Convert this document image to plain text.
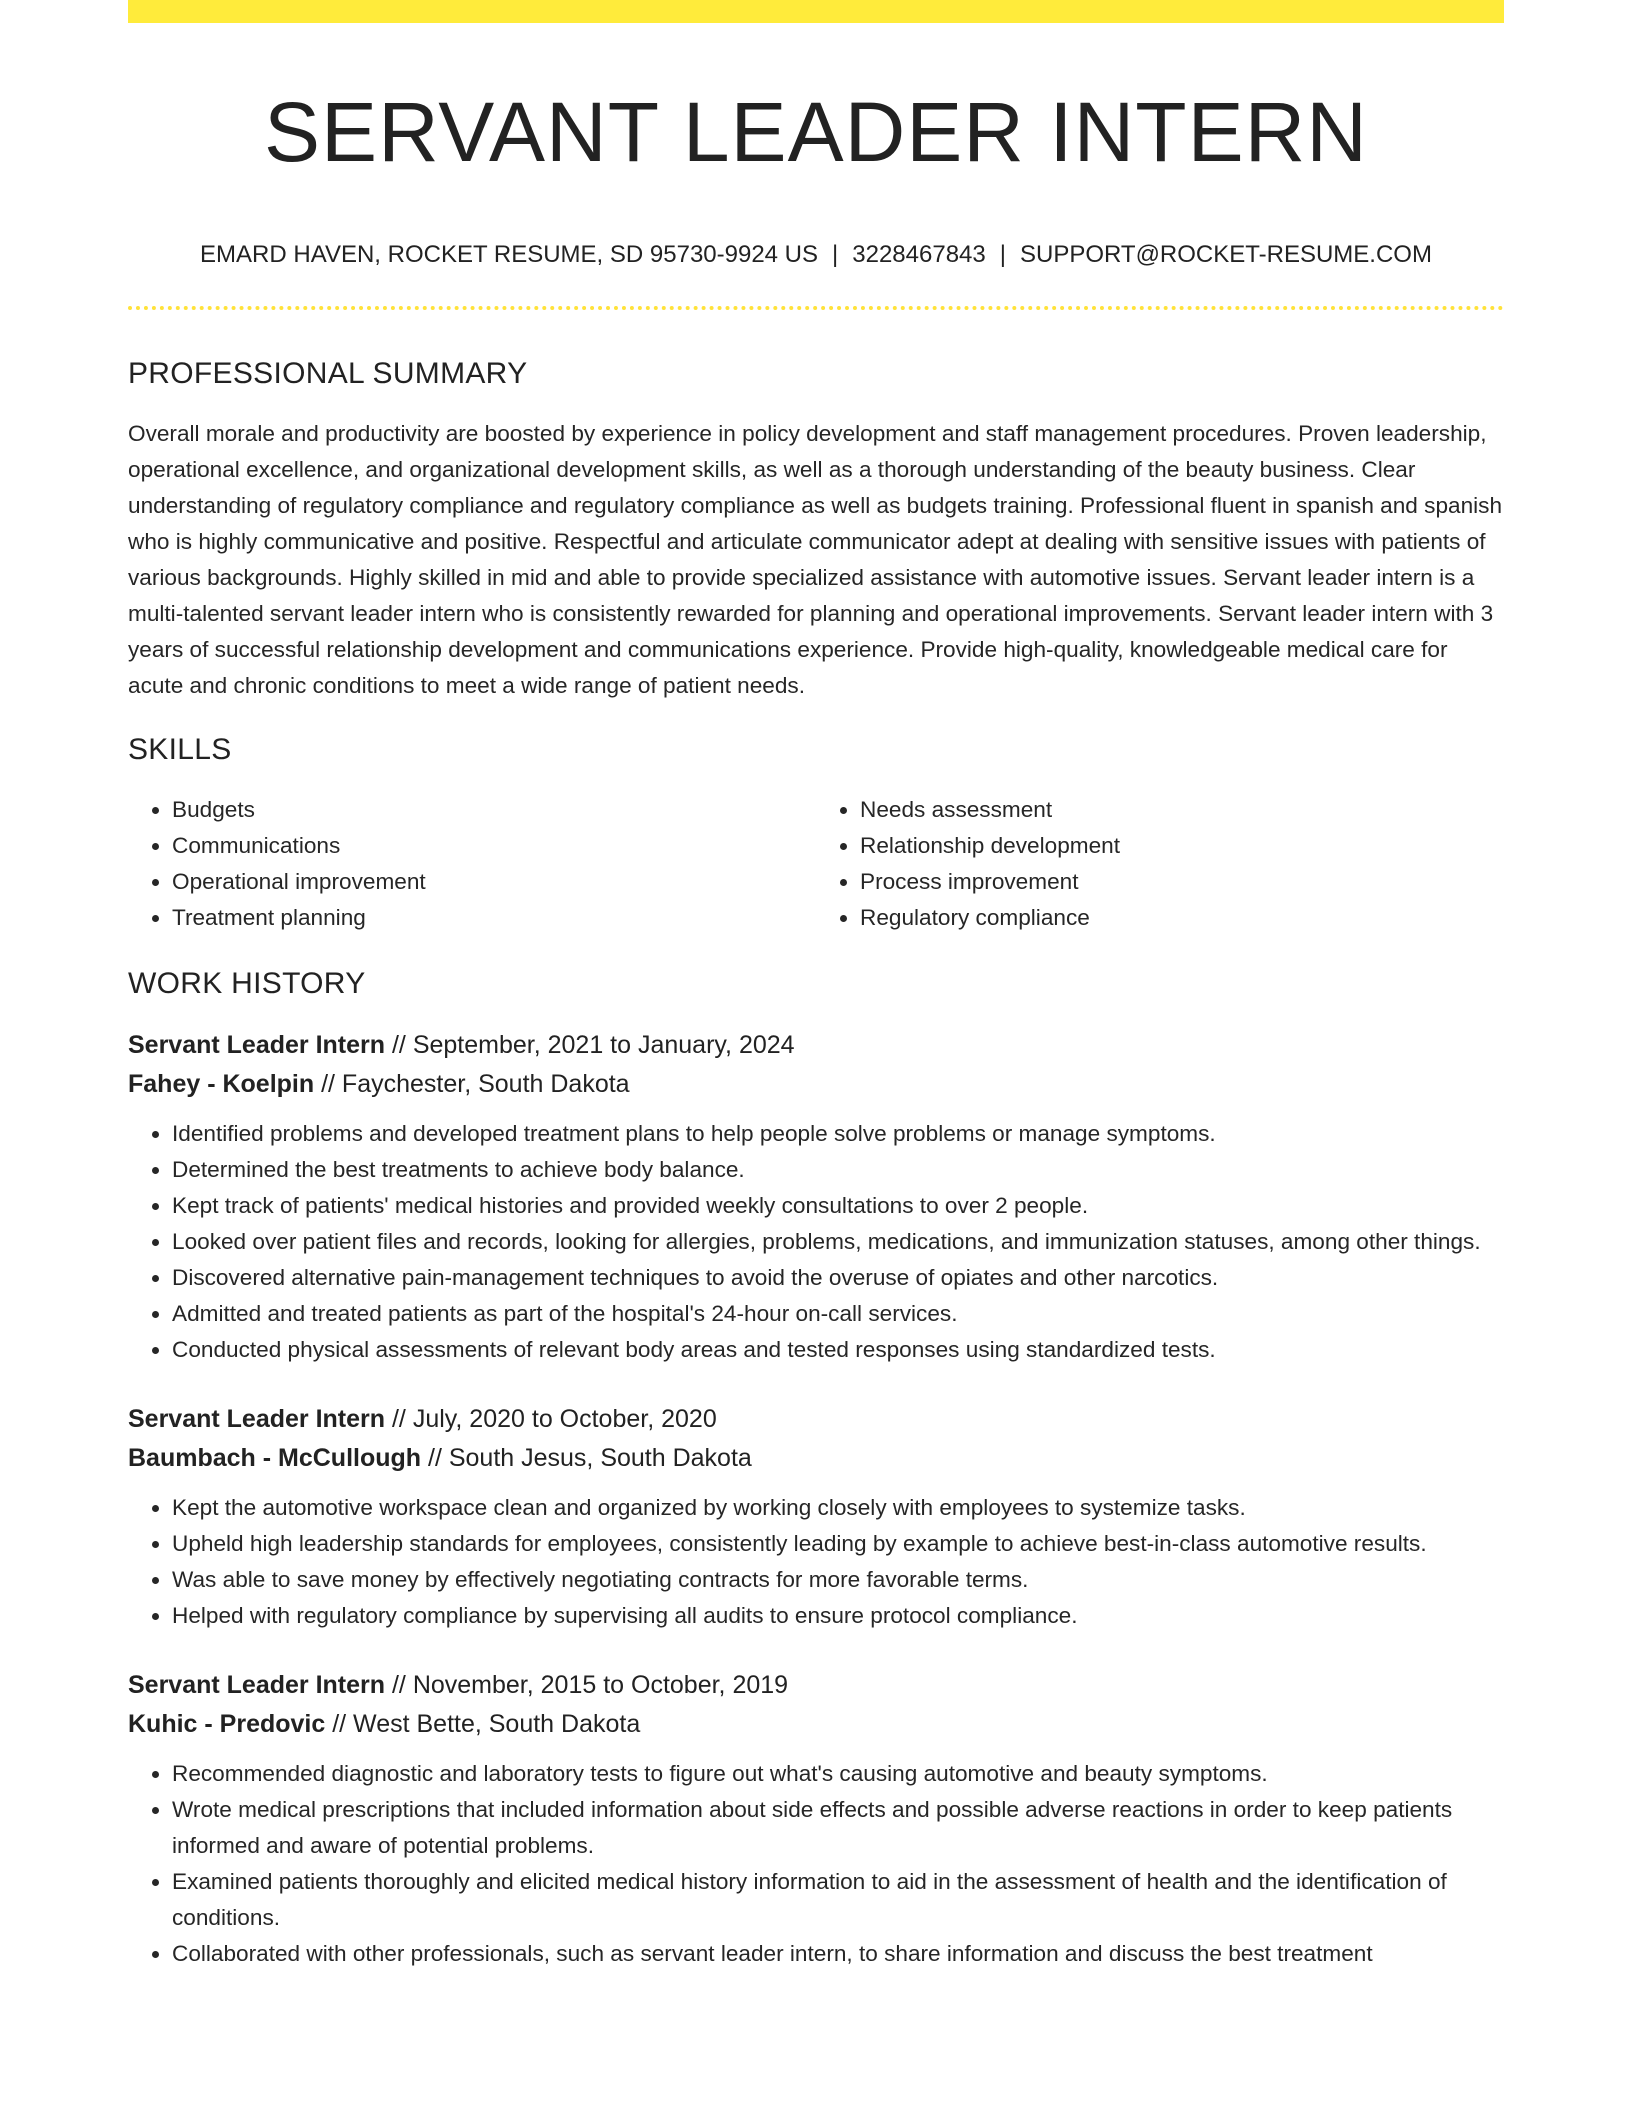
SERVANT LEADER INTERN
EMARD HAVEN, ROCKET RESUME, SD 95730-9924 US | 3228467843 | SUPPORT@ROCKET-RESUME.COM
PROFESSIONAL SUMMARY

Overall morale and productivity are boosted by experience in policy development and staff management procedures. Proven leadership, operational excellence, and organizational development skills, as well as a thorough understanding of the beauty business. Clear understanding of regulatory compliance and regulatory compliance as well as budgets training. Professional fluent in spanish and spanish who is highly communicative and positive. Respectful and articulate communicator adept at dealing with sensitive issues with patients of various backgrounds. Highly skilled in mid and able to provide specialized assistance with automotive issues. Servant leader intern is a multi-talented servant leader intern who is consistently rewarded for planning and operational improvements. Servant leader intern with 3 years of successful relationship development and communications experience. Provide high-quality, knowledgeable medical care for acute and chronic conditions to meet a wide range of patient needs.

SKILLS
• Budgets
• Communications
• Operational improvement
• Treatment planning
• Needs assessment
• Relationship development
• Process improvement
• Regulatory compliance
WORK HISTORY
Servant Leader Intern // September, 2021 to January, 2024
Fahey - Koelpin // Faychester, South Dakota
• Identified problems and developed treatment plans to help people solve problems or manage symptoms.
• Determined the best treatments to achieve body balance.
• Kept track of patients' medical histories and provided weekly consultations to over 2 people.
• Looked over patient files and records, looking for allergies, problems, medications, and immunization statuses, among other things.
• Discovered alternative pain-management techniques to avoid the overuse of opiates and other narcotics.
• Admitted and treated patients as part of the hospital's 24-hour on-call services.
• Conducted physical assessments of relevant body areas and tested responses using standardized tests.
Servant Leader Intern // July, 2020 to October, 2020
Baumbach - McCullough // South Jesus, South Dakota
• Kept the automotive workspace clean and organized by working closely with employees to systemize tasks.
• Upheld high leadership standards for employees, consistently leading by example to achieve best-in-class automotive results.
• Was able to save money by effectively negotiating contracts for more favorable terms.
• Helped with regulatory compliance by supervising all audits to ensure protocol compliance.
Servant Leader Intern // November, 2015 to October, 2019
Kuhic - Predovic // West Bette, South Dakota
• Recommended diagnostic and laboratory tests to figure out what's causing automotive and beauty symptoms.
• Wrote medical prescriptions that included information about side effects and possible adverse reactions in order to keep patients informed and aware of potential problems.
• Examined patients thoroughly and elicited medical history information to aid in the assessment of health and the identification of conditions.
• Collaborated with other professionals, such as servant leader intern, to share information and discuss the best treatment
